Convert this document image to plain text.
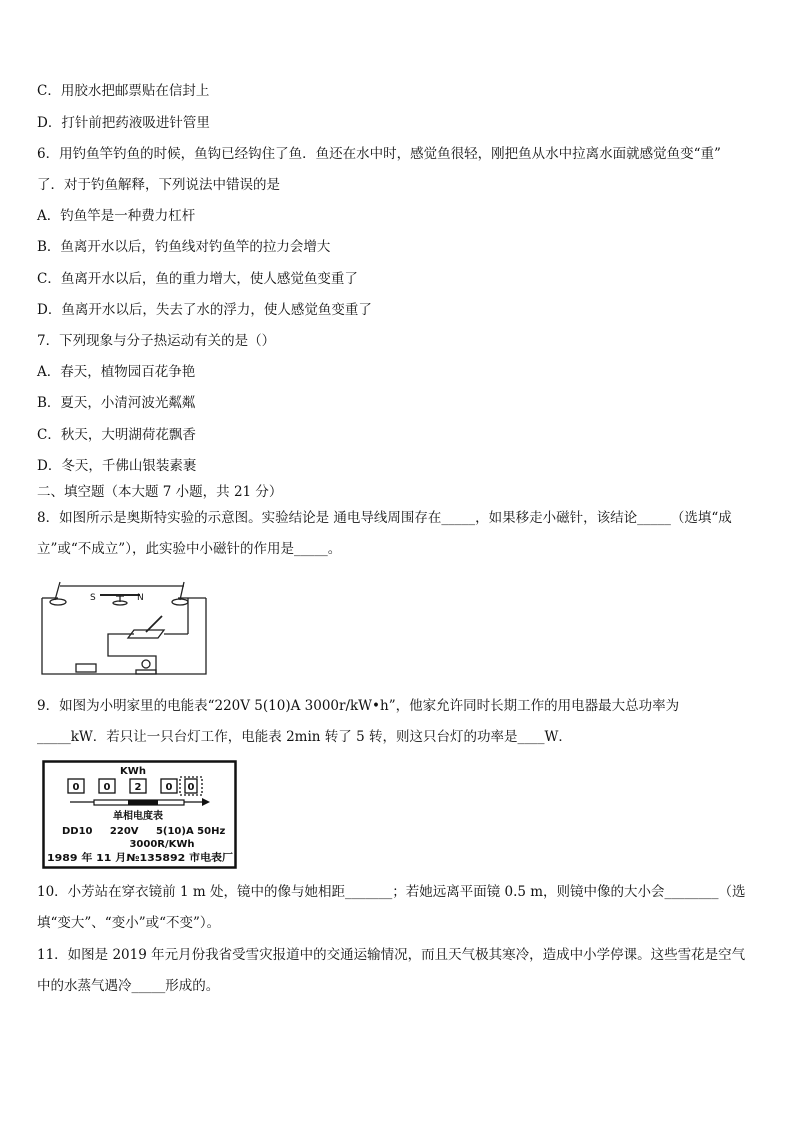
C．用胶水把邮票贴在信封上
D．打针前把药液吸进针管里
6．用钓鱼竿钓鱼的时候，鱼钩已经钩住了鱼．鱼还在水中时，感觉鱼很轻，刚把鱼从水中拉离水面就感觉鱼变“重”
了．对于钓鱼解释，下列说法中错误的是
A．钓鱼竿是一种费力杠杆
B．鱼离开水以后，钓鱼线对钓鱼竿的拉力会增大
C．鱼离开水以后，鱼的重力增大，使人感觉鱼变重了
D．鱼离开水以后，失去了水的浮力，使人感觉鱼变重了
7．下列现象与分子热运动有关的是（）
A．春天，植物园百花争艳
B．夏天，小清河波光粼粼
C．秋天，大明湖荷花飘香
D．冬天，千佛山银装素裹
二、填空题（本大题 7 小题，共 21 分）
8．如图所示是奥斯特实验的示意图。实验结论是 通电导线周围存在_____，如果移走小磁针，该结论_____（选填“成
立”或“不成立”），此实验中小磁针的作用是_____。
S	N
9．如图为小明家里的电能表“220V 5(10)A 3000r/kW•h”，他家允许同时长期工作的用电器最大总功率为
_____kW．若只让一只台灯工作，电能表 2min 转了 5 转，则这只台灯的功率是____W．
KWh
0 0 2 0 0
单相电度表
DD10     220V     5(10)A 50Hz
3000R/KWh
1989 年 11 月№135892 市电表厂
10．小芳站在穿衣镜前 1 m 处，镜中的像与她相距_______；若她远离平面镜 0.5 m，则镜中像的大小会________（选
填“变大”、“变小”或“不变”）。
11．如图是 2019 年元月份我省受雪灾报道中的交通运输情况，而且天气极其寒冷，造成中小学停课。这些雪花是空气
中的水蒸气遇冷_____形成的。
